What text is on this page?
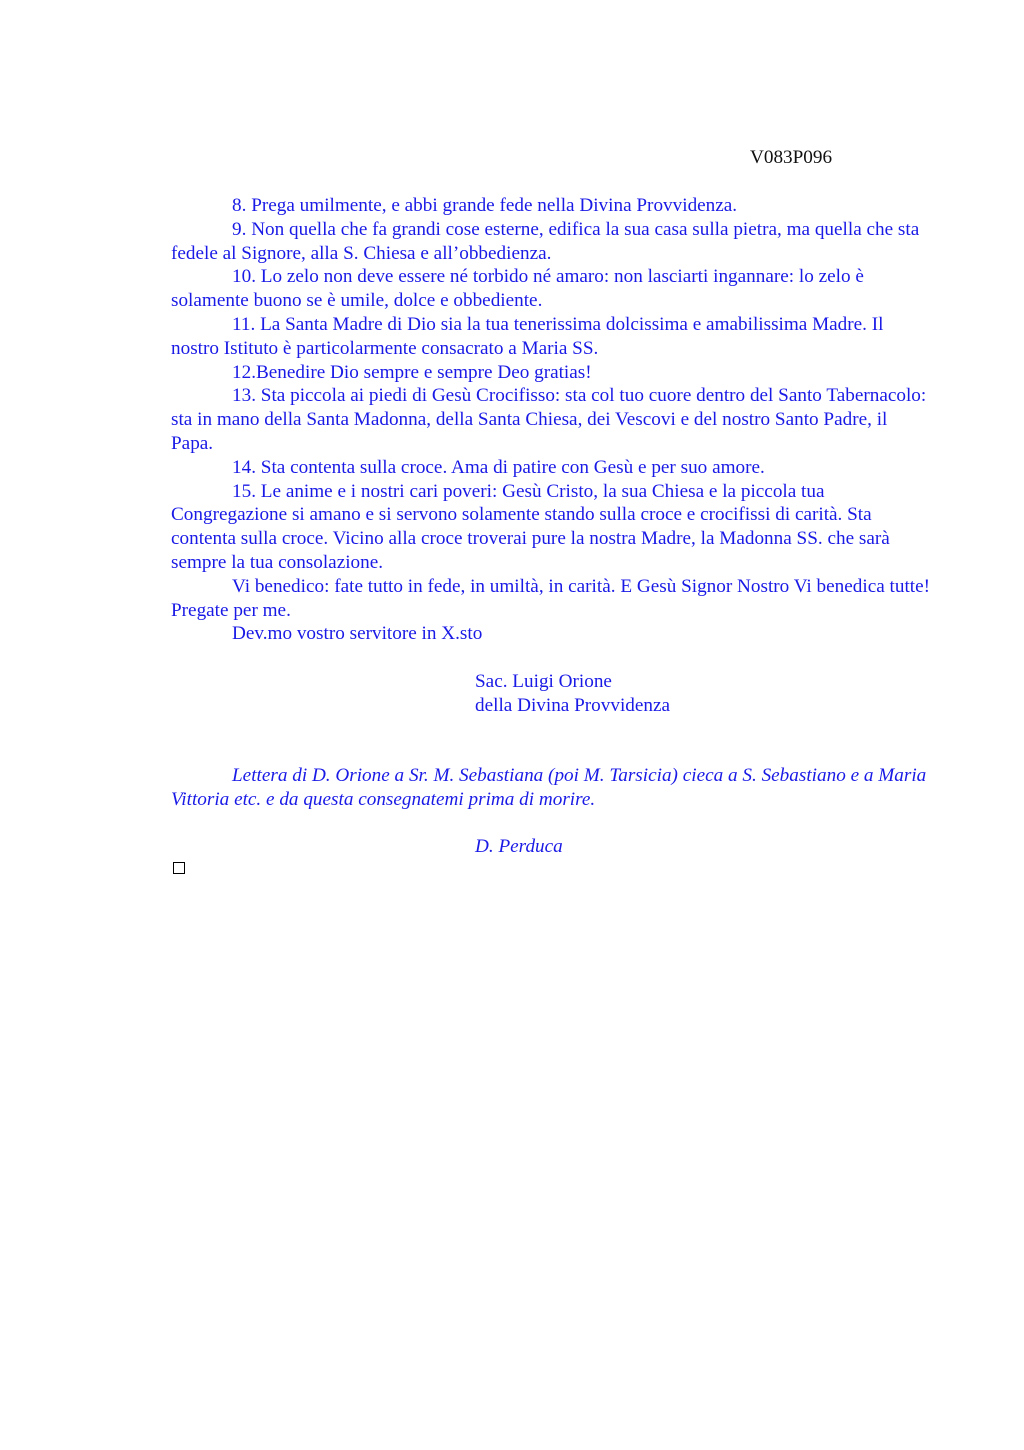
V083P096

8. Prega umilmente, e abbi grande fede nella Divina Provvidenza.

9. Non quella che fa grandi cose esterne, edifica la sua casa sulla pietra, ma quella che sta fedele al Signore, alla S. Chiesa e all’obbedienza.

10. Lo zelo non deve essere né torbido né amaro: non lasciarti ingannare: lo zelo è solamente buono se è umile, dolce e obbediente.

11. La Santa Madre di Dio sia la tua tenerissima dolcissima e amabilissima Madre. Il nostro Istituto è particolarmente consacrato a Maria SS.

12.Benedire Dio sempre e sempre Deo gratias!

13. Sta piccola ai piedi di Gesù Crocifisso: sta col tuo cuore dentro del Santo Tabernacolo: sta in mano della Santa Madonna, della Santa Chiesa, dei Vescovi e del nostro Santo Padre, il Papa.

14. Sta contenta sulla croce. Ama di patire con Gesù e per suo amore.

15. Le anime e i nostri cari poveri: Gesù Cristo, la sua Chiesa e la piccola tua Congregazione si amano e si servono solamente stando sulla croce e crocifissi di carità. Sta contenta sulla croce. Vicino alla croce troverai pure la nostra Madre, la Madonna SS. che sarà sempre la tua consolazione.

Vi benedico: fate tutto in fede, in umiltà, in carità. E Gesù Signor Nostro Vi benedica tutte! Pregate per me.

Dev.mo vostro servitore in X.sto

Sac. Luigi Orione

della Divina Provvidenza

Lettera di D. Orione a Sr. M. Sebastiana (poi M. Tarsicia) cieca a S. Sebastiano e a Maria Vittoria etc. e da questa consegnatemi prima di morire.

D. Perduca
